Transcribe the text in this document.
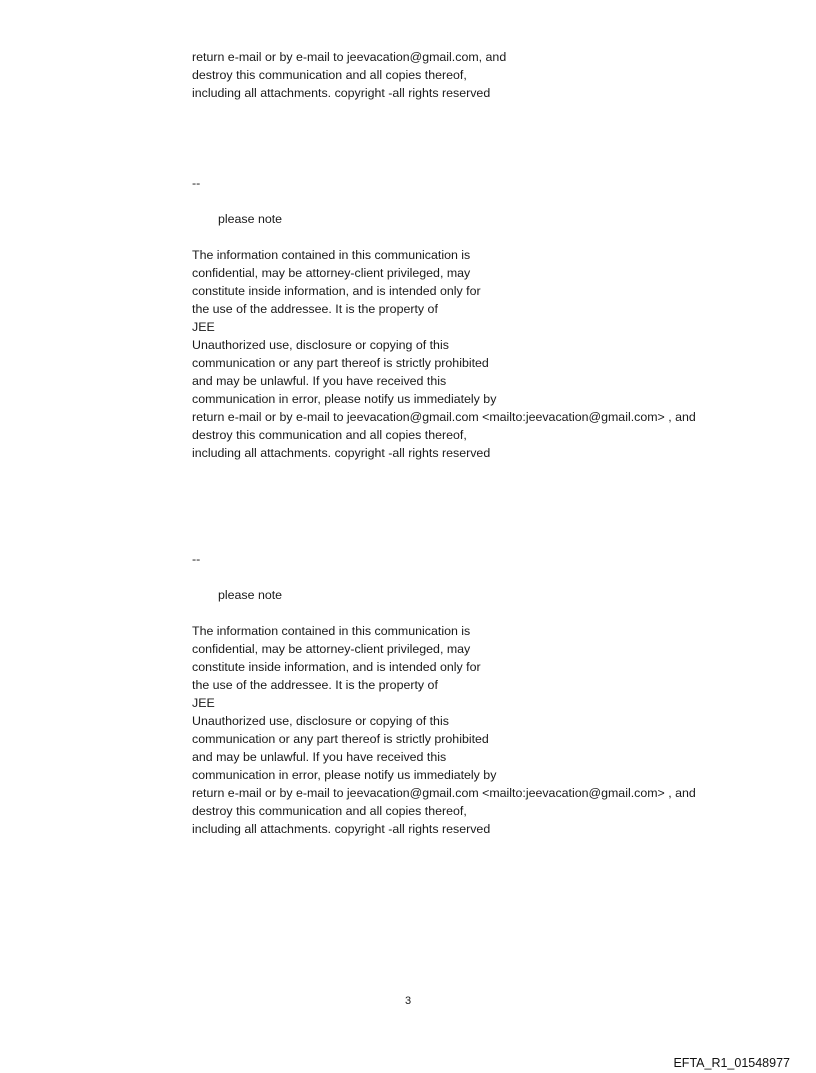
return e-mail or by e-mail to jeevacation@gmail.com, and
destroy this communication and all copies thereof,
including all attachments. copyright -all rights reserved
--
please note
The information contained in this communication is
confidential, may be attorney-client privileged, may
constitute inside information, and is intended only for
the use of the addressee. It is the property of
JEE
Unauthorized use, disclosure or copying of this
communication or any part thereof is strictly prohibited
and may be unlawful. If you have received this
communication in error, please notify us immediately by
return e-mail or by e-mail to jeevacation@gmail.com <mailto:jeevacation@gmail.com> , and
destroy this communication and all copies thereof,
including all attachments. copyright -all rights reserved
--
please note
The information contained in this communication is
confidential, may be attorney-client privileged, may
constitute inside information, and is intended only for
the use of the addressee. It is the property of
JEE
Unauthorized use, disclosure or copying of this
communication or any part thereof is strictly prohibited
and may be unlawful. If you have received this
communication in error, please notify us immediately by
return e-mail or by e-mail to jeevacation@gmail.com <mailto:jeevacation@gmail.com> , and
destroy this communication and all copies thereof,
including all attachments. copyright -all rights reserved
3
EFTA_R1_01548977
